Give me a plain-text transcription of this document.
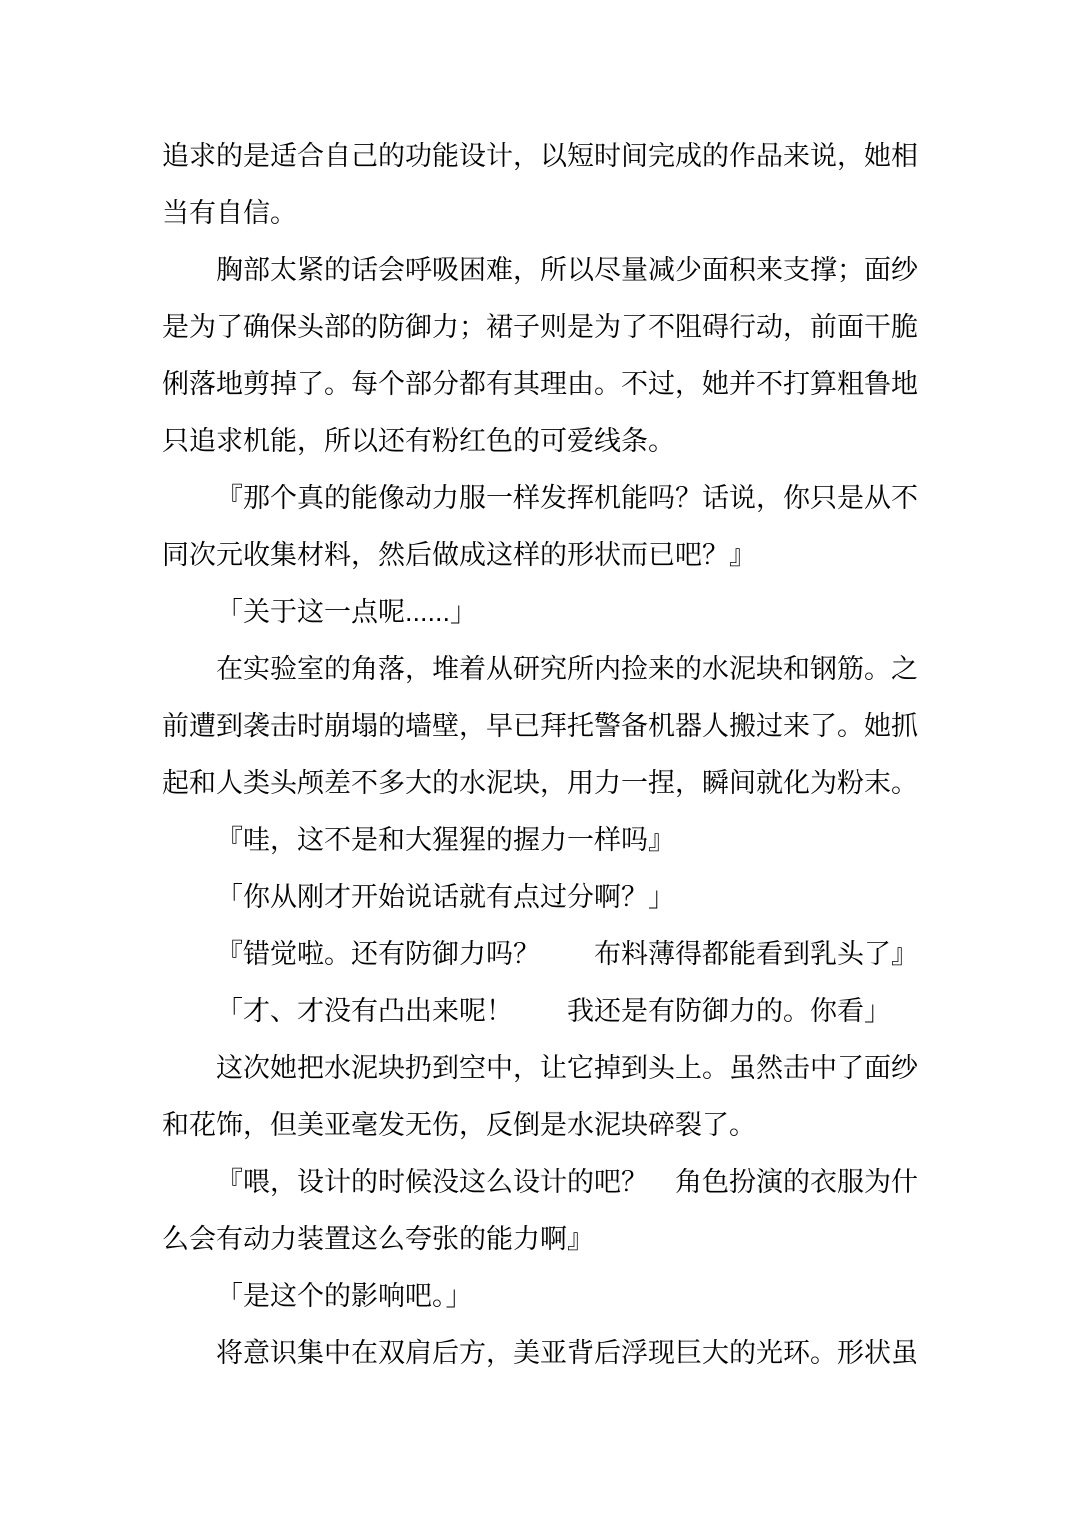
追求的是适合自己的功能设计，以短时间完成的作品来说，她相当有自信。

胸部太紧的话会呼吸困难，所以尽量减少面积来支撑；面纱是为了确保头部的防御力；裙子则是为了不阻碍行动，前面干脆俐落地剪掉了。每个部分都有其理由。不过，她并不打算粗鲁地只追求机能，所以还有粉红色的可爱线条。

『那个真的能像动力服一样发挥机能吗？话说，你只是从不同次元收集材料，然后做成这样的形状而已吧？』

「关于这一点呢......」

在实验室的角落，堆着从研究所内捡来的水泥块和钢筋。之前遭到袭击时崩塌的墙壁，早已拜托警备机器人搬过来了。她抓起和人类头颅差不多大的水泥块，用力一捏，瞬间就化为粉末。

『哇，这不是和大猩猩的握力一样吗』

「你从刚才开始说话就有点过分啊？」

『错觉啦。还有防御力吗？　　布料薄得都能看到乳头了』

「才、才没有凸出来呢！　　我还是有防御力的。你看」

这次她把水泥块扔到空中，让它掉到头上。虽然击中了面纱和花饰，但美亚毫发无伤，反倒是水泥块碎裂了。

『喂，设计的时候没这么设计的吧？　角色扮演的衣服为什么会有动力装置这么夸张的能力啊』

「是这个的影响吧。」

将意识集中在双肩后方，美亚背后浮现巨大的光环。形状虽
